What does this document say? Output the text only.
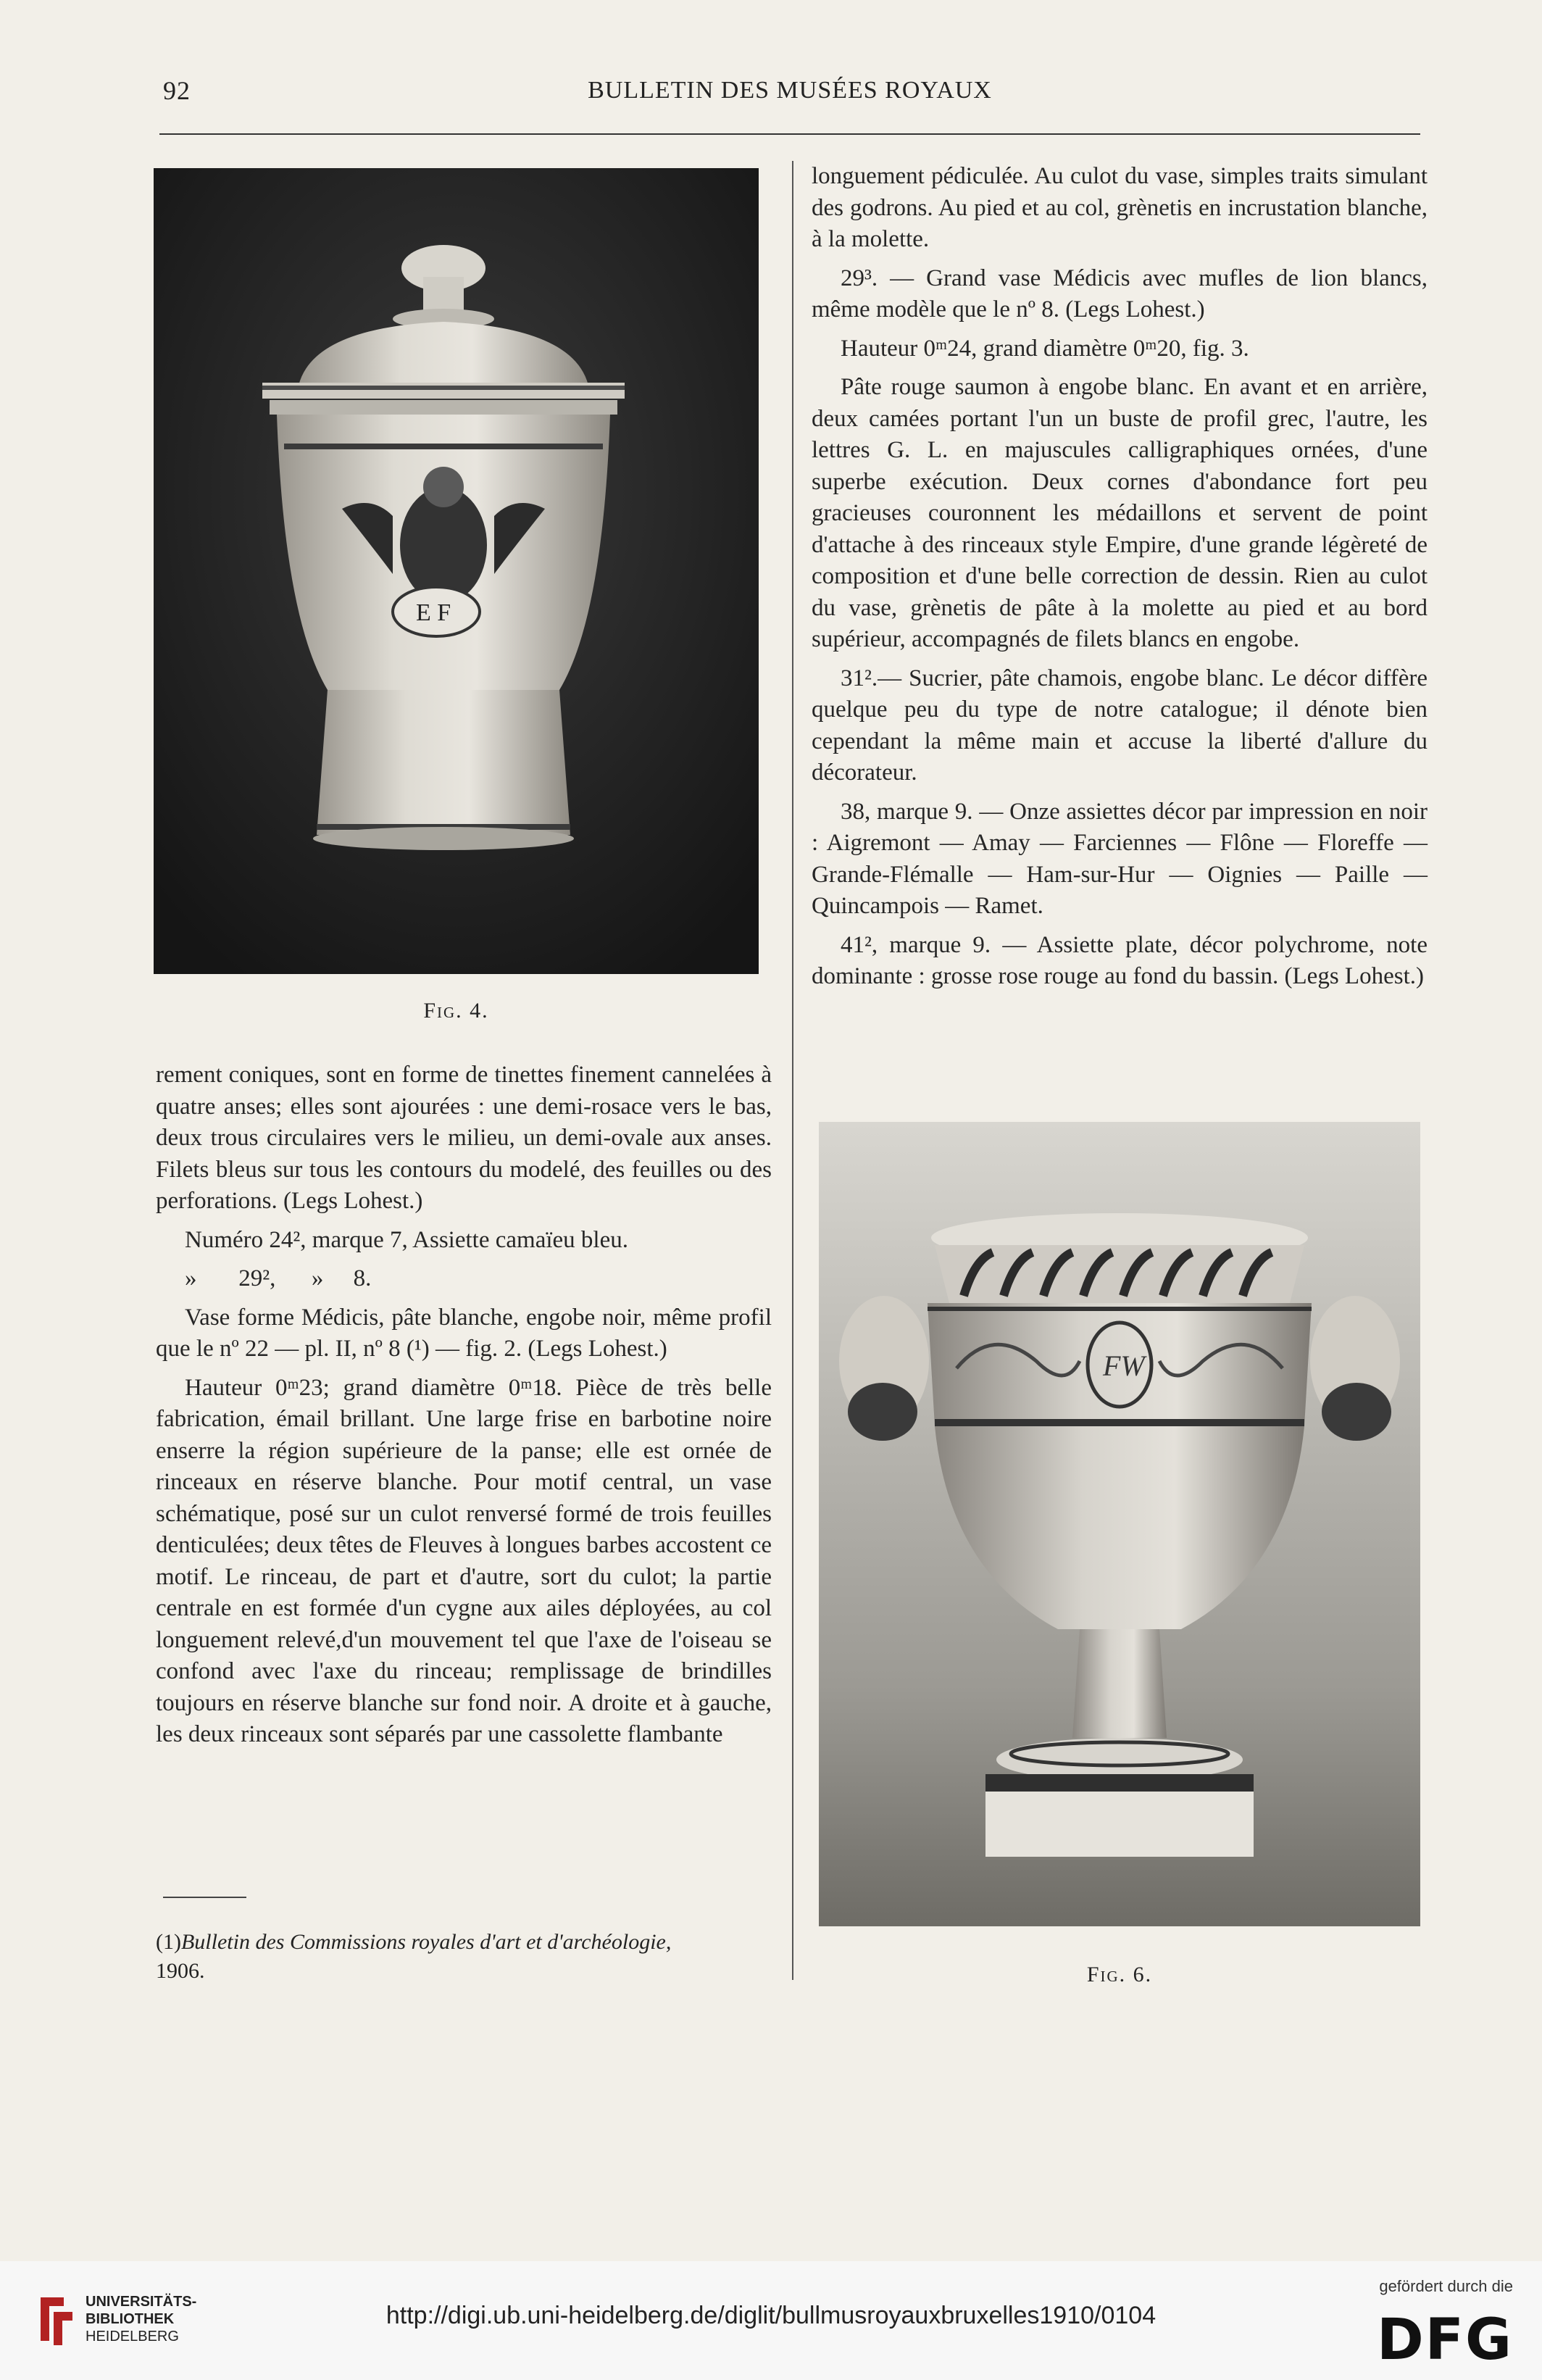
92	BULLETIN DES MUSÉES ROYAUX
E F
Fig. 4.

rement coniques, sont en forme de tinettes finement cannelées à quatre anses; elles sont ajourées : une demi-rosace vers le bas, deux trous circulaires vers le milieu, un demi-ovale aux anses. Filets bleus sur tous les contours du modelé, des feuilles ou des perforations. (Legs Lohest.)

Numéro 24², marque 7, Assiette camaïeu bleu.

»       29²,      »     8.

Vase forme Médicis, pâte blanche, engobe noir, même profil que le nº 22 — pl. II, nº 8 (¹) — fig. 2. (Legs Lohest.)

Hauteur 0ᵐ23; grand diamètre 0ᵐ18. Pièce de très belle fabrication, émail brillant. Une large frise en barbotine noire enserre la région supérieure de la panse; elle est ornée de rinceaux en réserve blanche. Pour motif central, un vase schématique, posé sur un culot renversé formé de trois feuilles denticulées; deux têtes de Fleuves à longues barbes accostent ce motif. Le rinceau, de part et d'autre, sort du culot; la partie centrale en est formée d'un cygne aux ailes déployées, au col longuement relevé,d'un mouvement tel que l'axe de l'oiseau se confond avec l'axe du rinceau; remplissage de brindilles toujours en réserve blanche sur fond noir. A droite et à gauche, les deux rinceaux sont séparés par une cassolette flambante

(1)Bulletin des Commissions royales d'art et d'archéologie,
1906.

longuement pédiculée. Au culot du vase, simples traits simulant des godrons. Au pied et au col, grènetis en incrustation blanche, à la molette.

29³. — Grand vase Médicis avec mufles de lion blancs, même modèle que le nº 8. (Legs Lohest.)

Hauteur 0ᵐ24, grand diamètre 0ᵐ20, fig. 3.

Pâte rouge saumon à engobe blanc. En avant et en arrière, deux camées portant l'un un buste de profil grec, l'autre, les lettres G. L. en majuscules calligraphiques ornées, d'une superbe exécution. Deux cornes d'abondance fort peu gracieuses couronnent les médaillons et servent de point d'attache à des rinceaux style Empire, d'une grande légèreté de composition et d'une belle correction de dessin. Rien au culot du vase, grènetis de pâte à la molette au pied et au bord supérieur, accompagnés de filets blancs en engobe.

31².— Sucrier, pâte chamois, engobe blanc. Le décor diffère quelque peu du type de notre catalogue; il dénote bien cependant la même main et accuse la liberté d'allure du décorateur.

38, marque 9. — Onze assiettes décor par impression en noir : Aigremont — Amay — Farciennes — Flône — Floreffe — Grande-Flémalle — Ham-sur-Hur — Oignies — Paille — Quincampois — Ramet.

41², marque 9. — Assiette plate, décor polychrome, note dominante : grosse rose rouge au fond du bassin. (Legs Lohest.)

FW
Fig. 6.
UNIVERSITÄTS-
BIBLIOTHEK
HEIDELBERG
http://digi.ub.uni-heidelberg.de/diglit/bullmusroyauxbruxelles1910/0104
gefördert durch die
DFG
